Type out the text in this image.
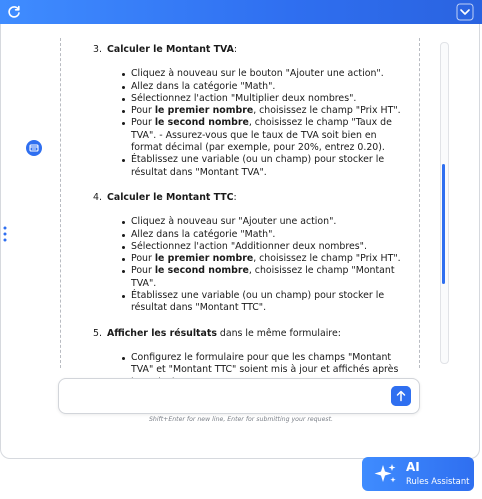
3. Calculer le Montant TVA:

Cliquez à nouveau sur le bouton "Ajouter une action".
Allez dans la catégorie "Math".
Sélectionnez l'action "Multiplier deux nombres".
Pour le premier nombre, choisissez le champ "Prix HT".
Pour le second nombre, choisissez le champ "Taux de TVA". - Assurez-vous que le taux de TVA soit bien en format décimal (par exemple, pour 20%, entrez 0.20).
Établissez une variable (ou un champ) pour stocker le résultat dans "Montant TVA".

4. Calculer le Montant TTC:

Cliquez à nouveau sur "Ajouter une action".
Allez dans la catégorie "Math".
Sélectionnez l'action "Additionner deux nombres".
Pour le premier nombre, choisissez le champ "Prix HT".
Pour le second nombre, choisissez le champ "Montant TVA".
Établissez une variable (ou un champ) pour stocker le résultat dans "Montant TTC".

5. Afficher les résultats dans le même formulaire:

Configurez le formulaire pour que les champs "Montant TVA" et "Montant TTC" soient mis à jour et affichés après
Shift+Enter for new line, Enter for submitting your request.
AI
Rules Assistant
